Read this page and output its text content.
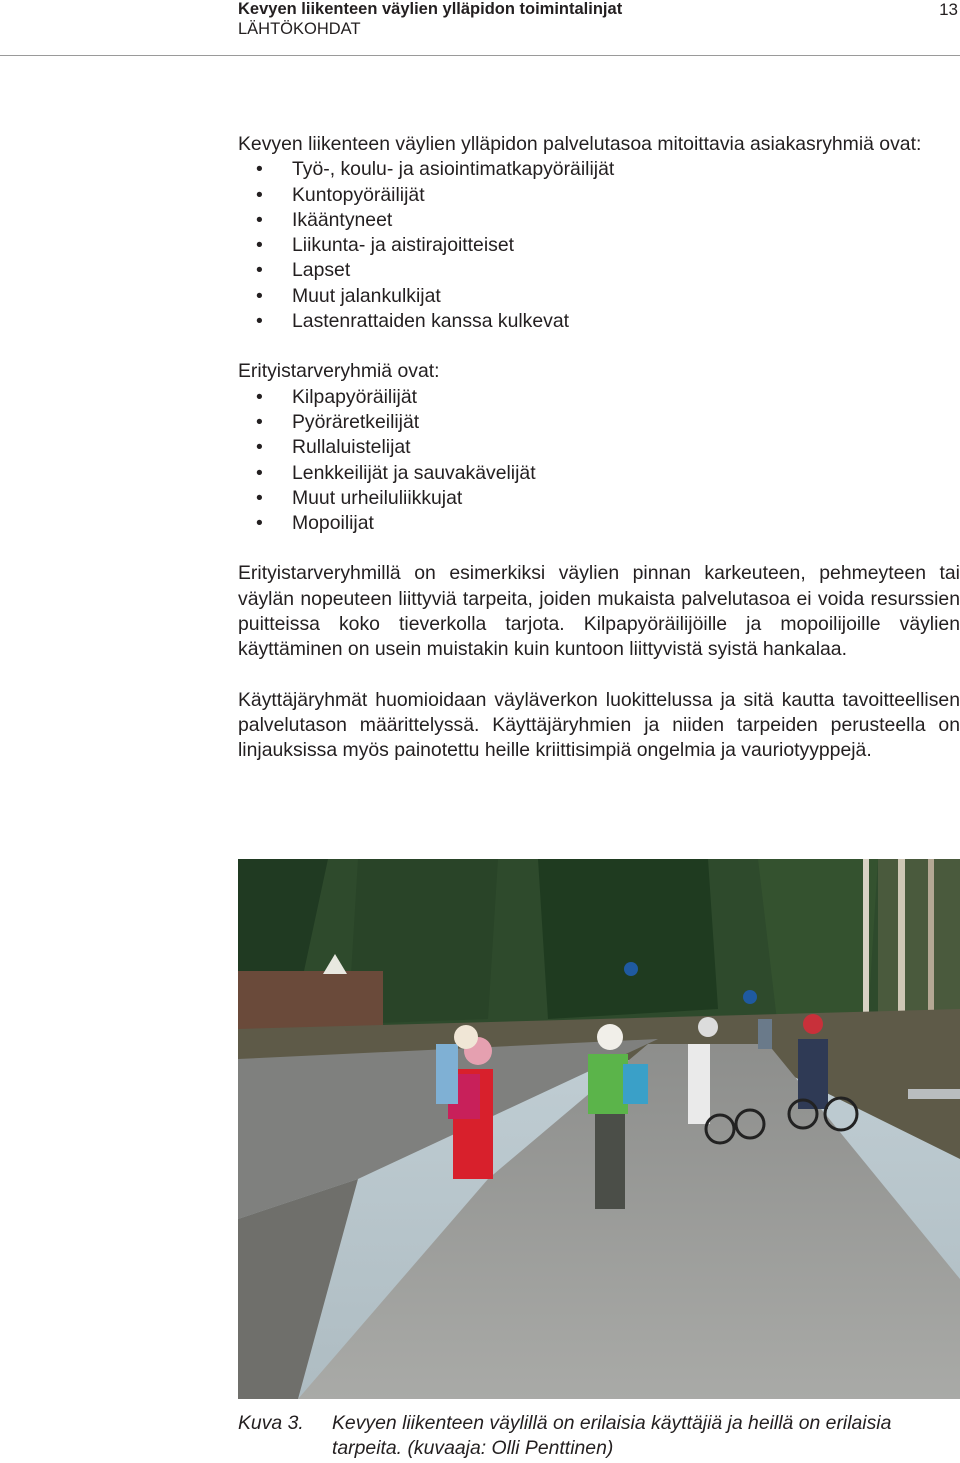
Kevyen liikenteen väylien ylläpidon toimintalinjat
LÄHTÖKOHDAT
13

Kevyen liikenteen väylien ylläpidon palvelutasoa mitoittavia asiakasryhmiä ovat:

• Työ-, koulu- ja asiointimatkapyöräilijät
• Kuntopyöräilijät
• Ikääntyneet
• Liikunta- ja aistirajoitteiset
• Lapset
• Muut jalankulkijat
• Lastenrattaiden kanssa kulkevat

Erityistarveryhmiä ovat:

• Kilpapyöräilijät
• Pyöräretkeilijät
• Rullaluistelijat
• Lenkkeilijät ja sauvakävelijät
• Muut urheiluliikkujat
• Mopoilijat

Erityistarveryhmillä on esimerkiksi väylien pinnan karkeuteen, pehmeyteen tai väylän nopeuteen liittyviä tarpeita, joiden mukaista palvelutasoa ei voida resurssien puitteissa koko tieverkolla tarjota. Kilpapyöräilijöille ja mopoilijoille väylien käyttäminen on usein muistakin kuin kuntoon liittyvistä syistä hankalaa.

Käyttäjäryhmät huomioidaan väyläverkon luokittelussa ja sitä kautta tavoitteellisen palvelutason määrittelyssä. Käyttäjäryhmien ja niiden tarpeiden perusteella on linjauksissa myös painotettu heille kriittisimpiä ongelmia ja vauriotyyppejä.

Kuva 3. Kevyen liikenteen väylillä on erilaisia käyttäjiä ja heillä on erilaisia tarpeita. (kuvaaja: Olli Penttinen)
